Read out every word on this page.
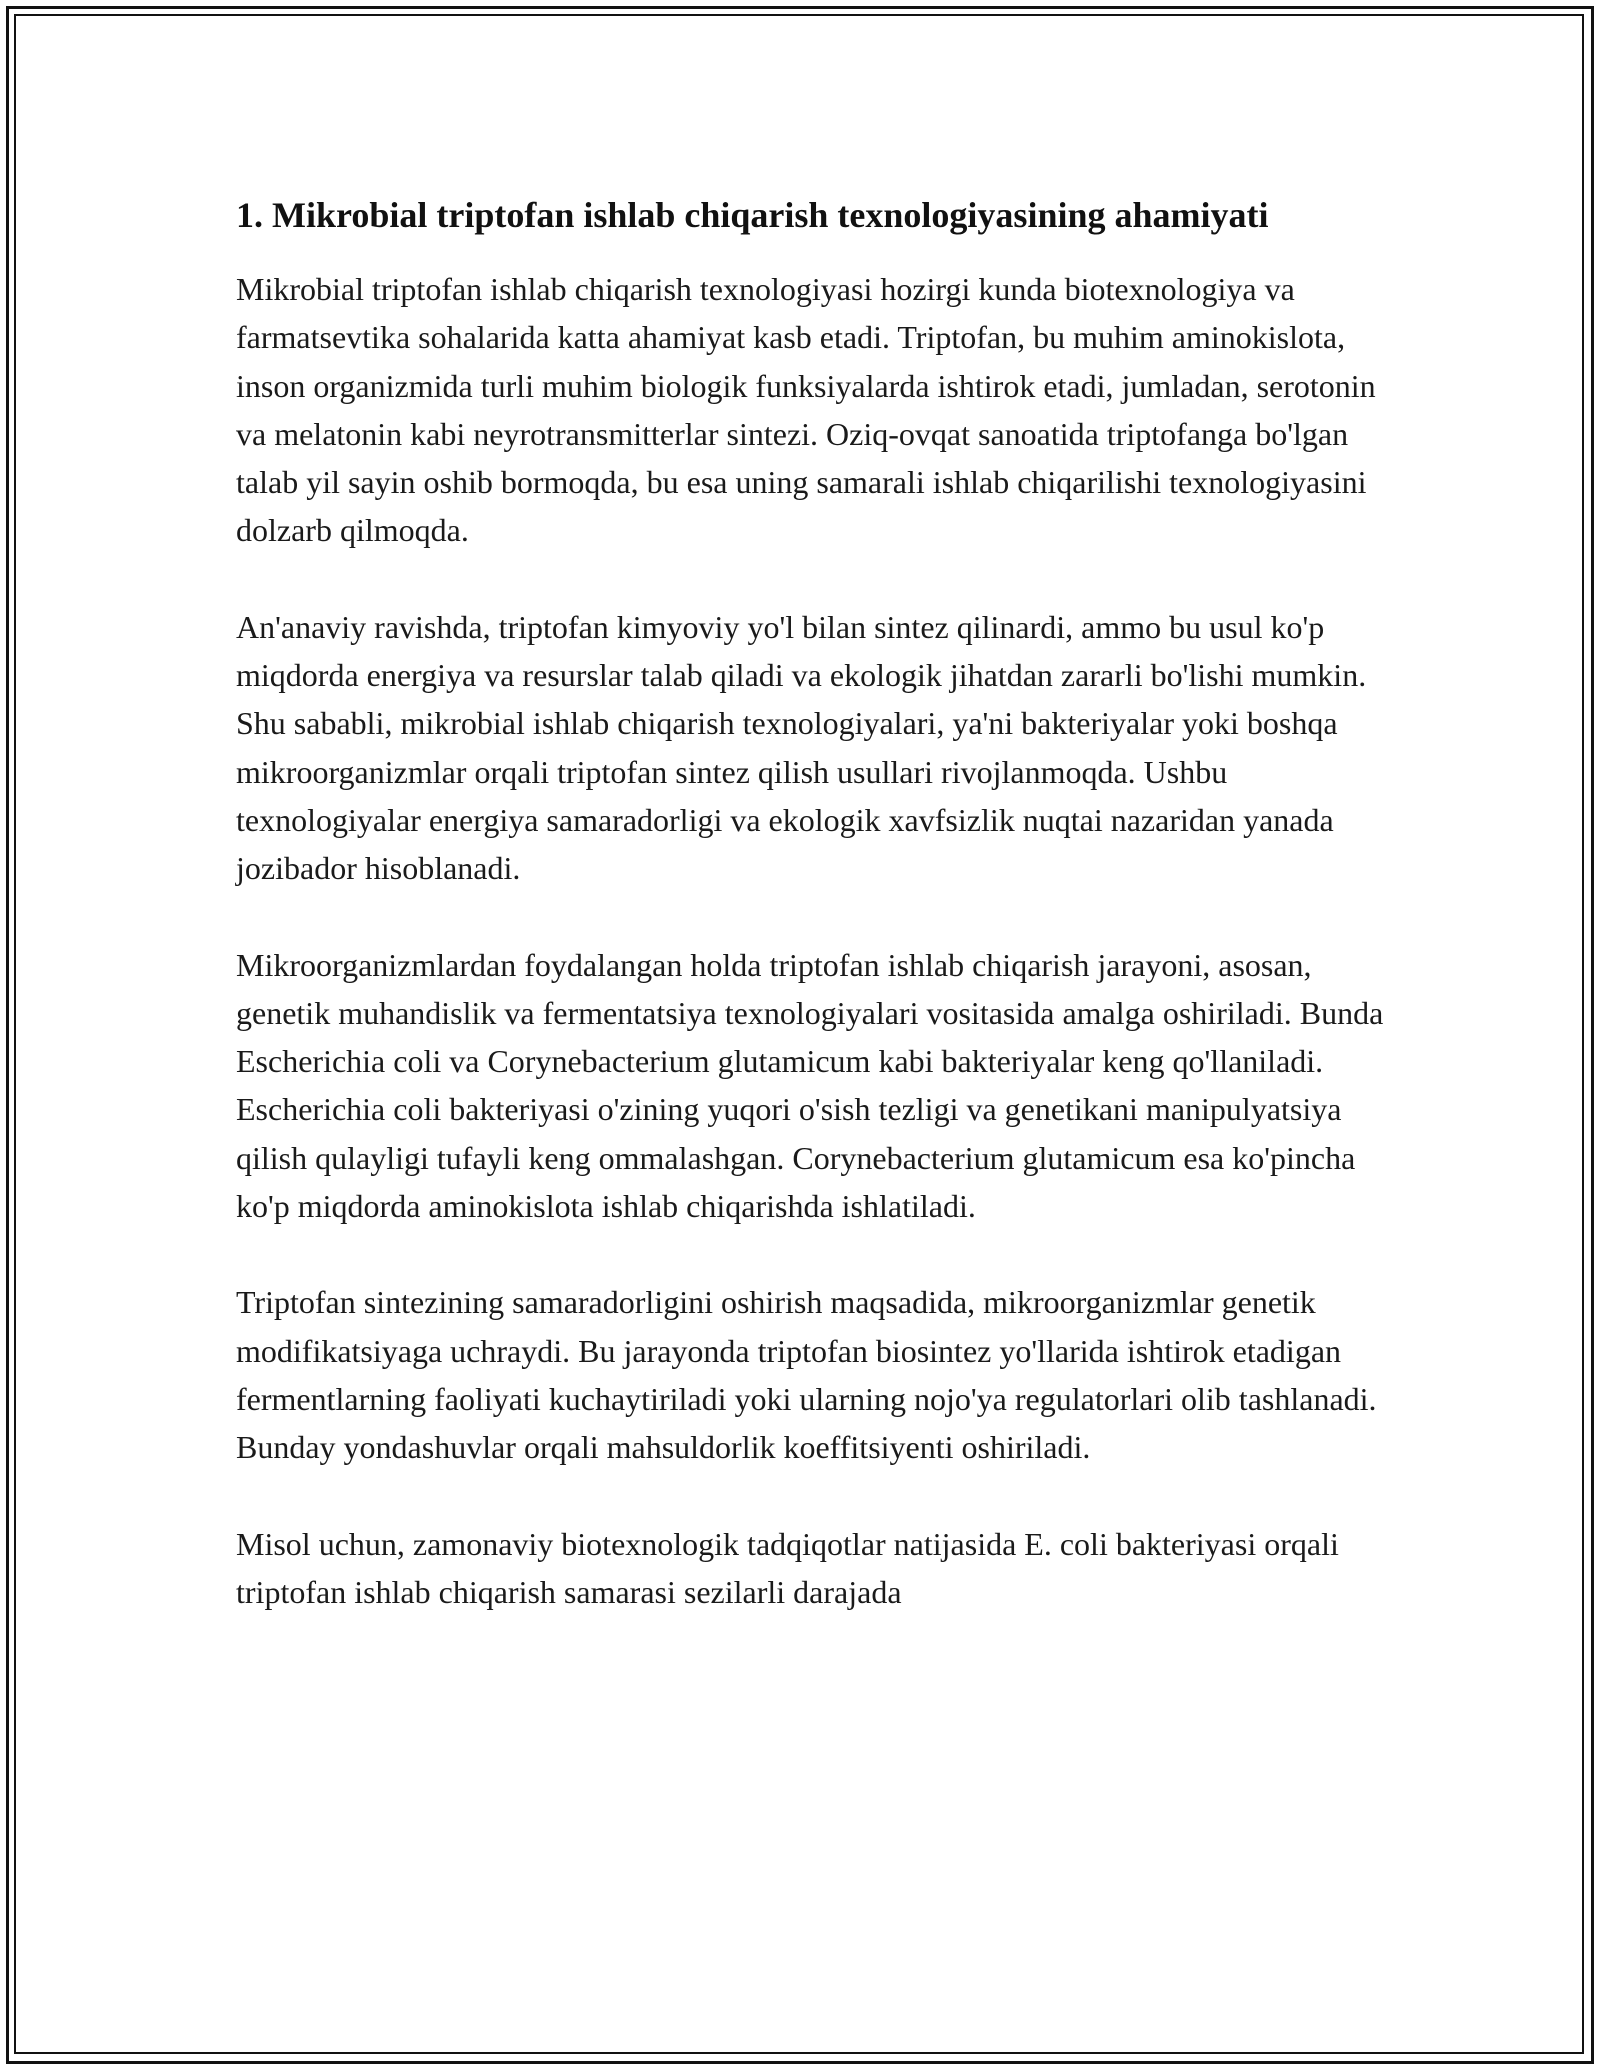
1. Mikrobial triptofan ishlab chiqarish texnologiyasining ahamiyati

Mikrobial triptofan ishlab chiqarish texnologiyasi hozirgi kunda biotexnologiya va farmatsevtika sohalarida katta ahamiyat kasb etadi. Triptofan, bu muhim aminokislota, inson organizmida turli muhim biologik funksiyalarda ishtirok etadi, jumladan, serotonin va melatonin kabi neyrotransmitterlar sintezi. Oziq-ovqat sanoatida triptofanga bo'lgan talab yil sayin oshib bormoqda, bu esa uning samarali ishlab chiqarilishi texnologiyasini dolzarb qilmoqda.

An'anaviy ravishda, triptofan kimyoviy yo'l bilan sintez qilinardi, ammo bu usul ko'p miqdorda energiya va resurslar talab qiladi va ekologik jihatdan zararli bo'lishi mumkin. Shu sababli, mikrobial ishlab chiqarish texnologiyalari, ya'ni bakteriyalar yoki boshqa mikroorganizmlar orqali triptofan sintez qilish usullari rivojlanmoqda. Ushbu texnologiyalar energiya samaradorligi va ekologik xavfsizlik nuqtai nazaridan yanada jozibador hisoblanadi.

Mikroorganizmlardan foydalangan holda triptofan ishlab chiqarish jarayoni, asosan, genetik muhandislik va fermentatsiya texnologiyalari vositasida amalga oshiriladi. Bunda Escherichia coli va Corynebacterium glutamicum kabi bakteriyalar keng qo'llaniladi. Escherichia coli bakteriyasi o'zining yuqori o'sish tezligi va genetikani manipulyatsiya qilish qulayligi tufayli keng ommalashgan. Corynebacterium glutamicum esa ko'pincha ko'p miqdorda aminokislota ishlab chiqarishda ishlatiladi.

Triptofan sintezining samaradorligini oshirish maqsadida, mikroorganizmlar genetik modifikatsiyaga uchraydi. Bu jarayonda triptofan biosintez yo'llarida ishtirok etadigan fermentlarning faoliyati kuchaytiriladi yoki ularning nojo'ya regulatorlari olib tashlanadi. Bunday yondashuvlar orqali mahsuldorlik koeffitsiyenti oshiriladi.

Misol uchun, zamonaviy biotexnologik tadqiqotlar natijasida E. coli bakteriyasi orqali triptofan ishlab chiqarish samarasi sezilarli darajada
